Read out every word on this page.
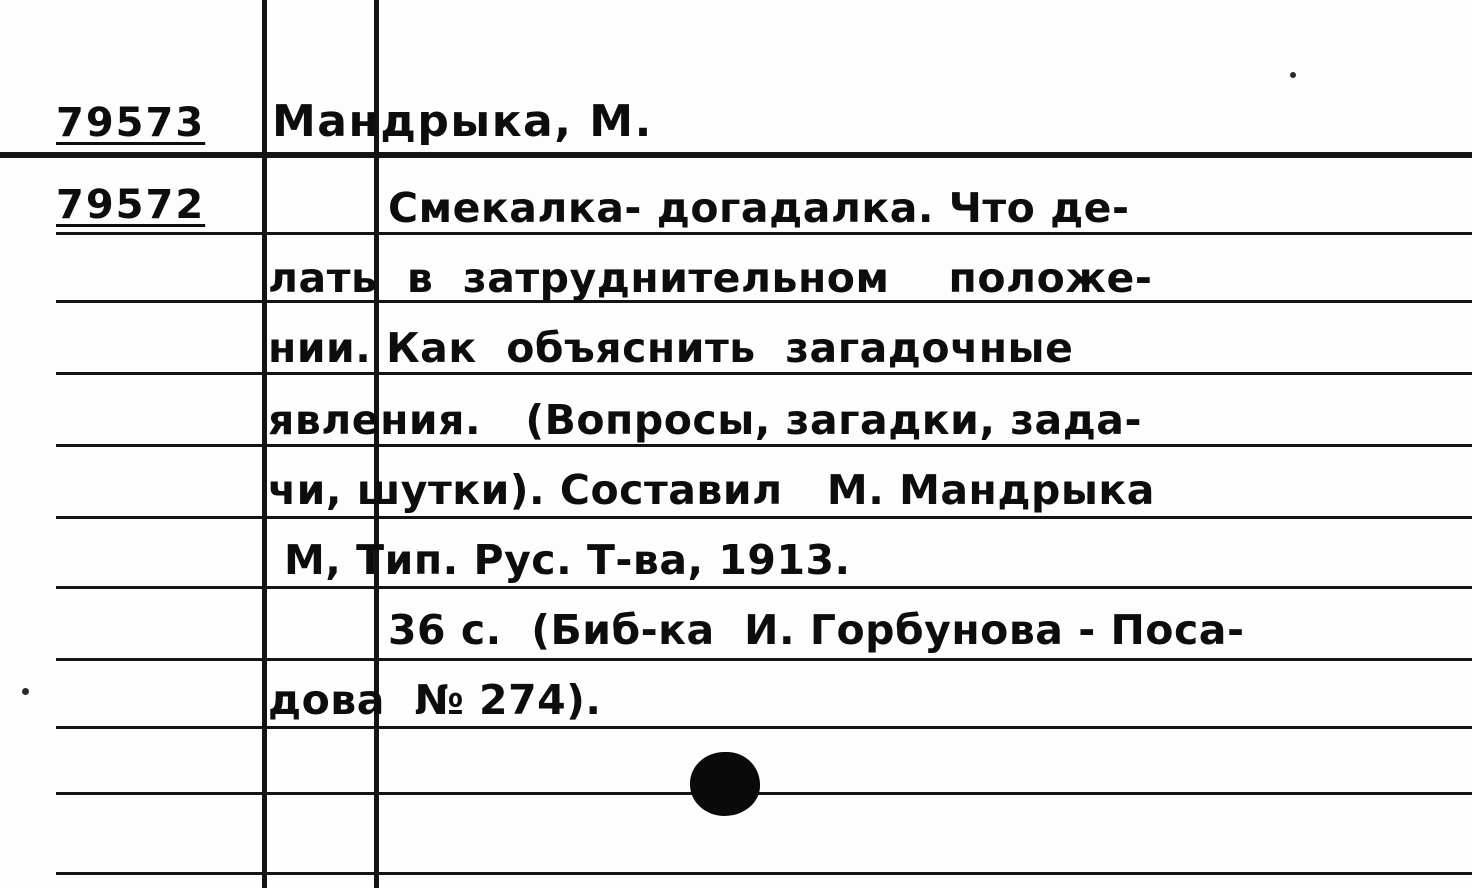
79573
79572
Мандрыка, М.
Смекалка- догадалка. Что де-
лать  в  затруднительном    положе-
нии. Как  объяснить  загадочные
явления.   (Вопросы, загадки, зада-
чи, шутки). Составил   М. Мандрыка
М, Тип. Рус. Т-ва, 1913.
36 с.  (Биб-ка  И. Горбунова - Поса-
дова  № 274).
